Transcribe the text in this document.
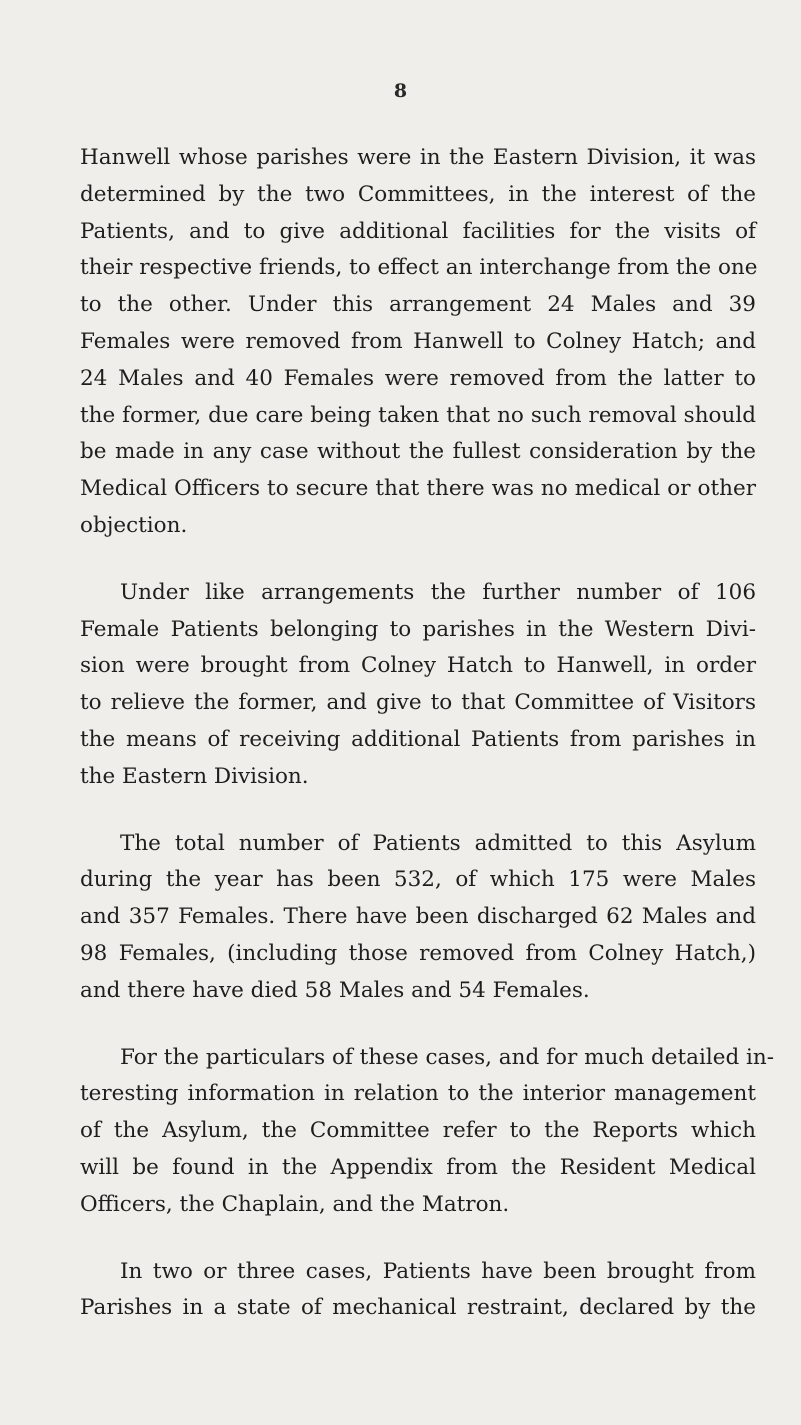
8

Hanwell whose parishes were in the Eastern Division, it was
determined by the two Committees, in the interest of the
Patients, and to give additional facilities for the visits of
their respective friends, to effect an interchange from the one
to the other. Under this arrangement 24 Males and 39
Females were removed from Hanwell to Colney Hatch; and
24 Males and 40 Females were removed from the latter to
the former, due care being taken that no such removal should
be made in any case without the fullest consideration by the
Medical Officers to secure that there was no medical or other
objection.

Under like arrangements the further number of 106
Female Patients belonging to parishes in the Western Divi-
sion were brought from Colney Hatch to Hanwell, in order
to relieve the former, and give to that Committee of Visitors
the means of receiving additional Patients from parishes in
the Eastern Division.

The total number of Patients admitted to this Asylum
during the year has been 532, of which 175 were Males
and 357 Females. There have been discharged 62 Males and
98 Females, (including those removed from Colney Hatch,)
and there have died 58 Males and 54 Females.

For the particulars of these cases, and for much detailed in-
teresting information in relation to the interior management
of the Asylum, the Committee refer to the Reports which
will be found in the Appendix from the Resident Medical
Officers, the Chaplain, and the Matron.

In two or three cases, Patients have been brought from
Parishes in a state of mechanical restraint, declared by the
